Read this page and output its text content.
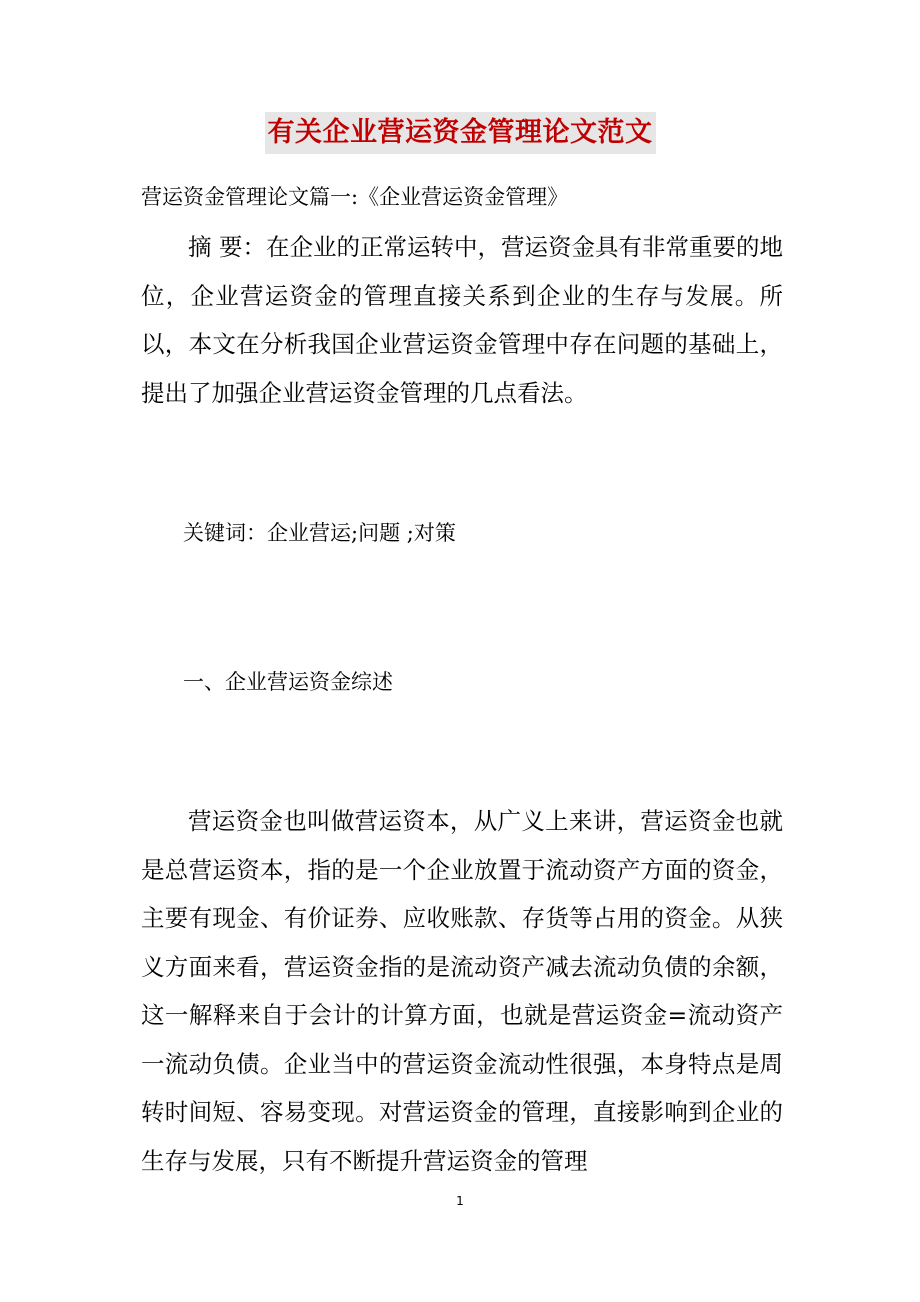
有关企业营运资金管理论文范文
营运资金管理论文篇一:《企业营运资金管理》

摘 要：在企业的正常运转中，营运资金具有非常重要的地位，企业营运资金的管理直接关系到企业的生存与发展。所以，本文在分析我国企业营运资金管理中存在问题的基础上，提出了加强企业营运资金管理的几点看法。

关键词：企业营运;问题 ;对策

一、企业营运资金综述

营运资金也叫做营运资本，从广义上来讲，营运资金也就是总营运资本，指的是一个企业放置于流动资产方面的资金，主要有现金、有价证券、应收账款、存货等占用的资金。从狭义方面来看，营运资金指的是流动资产减去流动负债的余额，这一解释来自于会计的计算方面，也就是营运资金=流动资产一流动负债。企业当中的营运资金流动性很强，本身特点是周转时间短、容易变现。对营运资金的管理，直接影响到企业的生存与发展，只有不断提升营运资金的管理

1
